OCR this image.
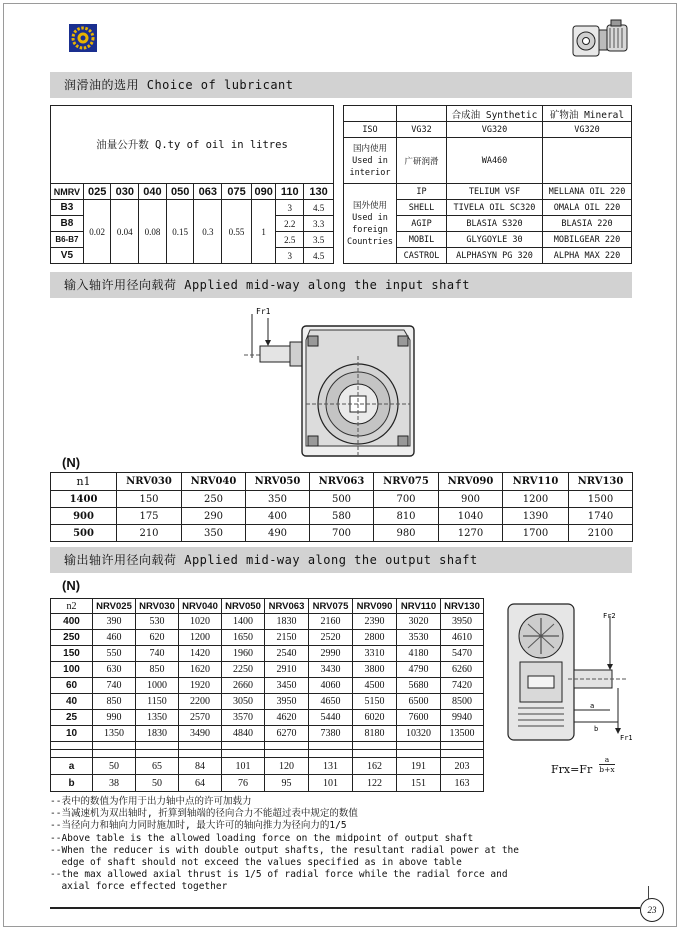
润滑油的选用 Choice of lubricant
油量公升数 Q.ty of oil in litres									
NMRV	025	030	040	050	063	075	090	110	130
B3	0.02	0.04	0.08	0.15	0.3	0.55	1	3	4.5
B8								2.2	3.3
B6-B7								2.5	3.5
V5								3	4.5
		合成油 Synthetic	矿物油 Mineral
ISO	VG32	VG320	VG320
国内使用 Used in interior	广研润滑	WA460	
国外使用 Used in foreign Countries	IP	TELIUM VSF	MELLANA OIL 220
	SHELL	TIVELA OIL SC320	OMALA OIL 220
	AGIP	BLASIA S320	BLASIA 220
	MOBIL	GLYGOYLE 30	MOBILGEAR 220
	CASTROL	ALPHASYN PG 320	ALPHA MAX 220
输入轴许用径向载荷 Applied mid-way along the input shaft
Fr1
(N)
n1	NRV030	NRV040	NRV050	NRV063	NRV075	NRV090	NRV110	NRV130
1400	150	250	350	500	700	900	1200	1500
900	175	290	400	580	810	1040	1390	1740
500	210	350	490	700	980	1270	1700	2100
输出轴许用径向载荷 Applied mid-way along the output shaft
(N)
n2	NRV025	NRV030	NRV040	NRV050	NRV063	NRV075	NRV090	NRV110	NRV130
400	390	530	1020	1400	1830	2160	2390	3020	3950
250	460	620	1200	1650	2150	2520	2800	3530	4610
150	550	740	1420	1960	2540	2990	3310	4180	5470
100	630	850	1620	2250	2910	3430	3800	4790	6260
60	740	1000	1920	2660	3450	4060	4500	5680	7420
40	850	1150	2200	3050	3950	4650	5150	6500	8500
25	990	1350	2570	3570	4620	5440	6020	7600	9940
10	1350	1830	3490	4840	6270	7380	8180	10320	13500

a	50	65	84	101	120	131	162	191	203
b	38	50	64	76	95	101	122	151	163
Fr2
Fr1
a
b
$_{Frx=Fr} \frac{a}{b+x}$
--表中的数值为作用于出力轴中点的许可加载力
--当减速机为双出轴时, 折算到轴端的径向合力不能超过表中规定的数值
--当径向力和轴向力同时施加时, 最大许可的轴向推力为径向力的1/5
--Above table is the allowed loading force on the midpoint of output shaft
--When the reducer is with double output shafts, the resultant radial power at the
edge of shaft should not exceed the values specified as in above table
--the max allowed axial thrust is 1/5 of radial force while the radial force and
axial force effected together
23
